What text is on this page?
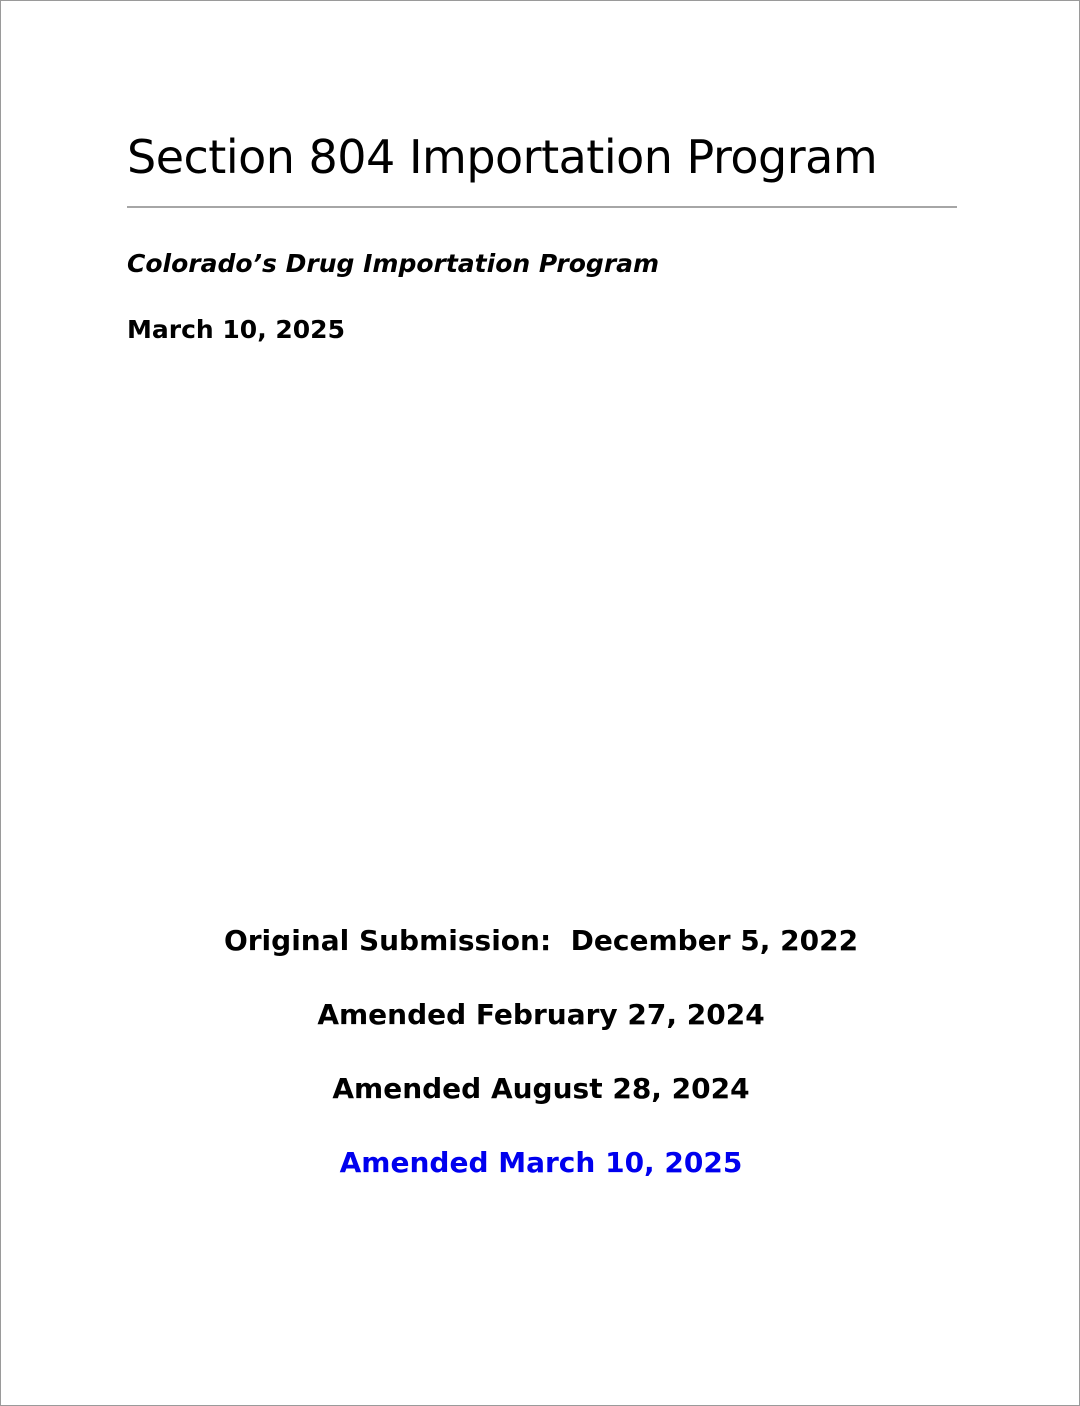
Section 804 Importation Program
Colorado’s Drug Importation Program
March 10, 2025
Original Submission:  December 5, 2022
Amended February 27, 2024
Amended August 28, 2024
Amended March 10, 2025
